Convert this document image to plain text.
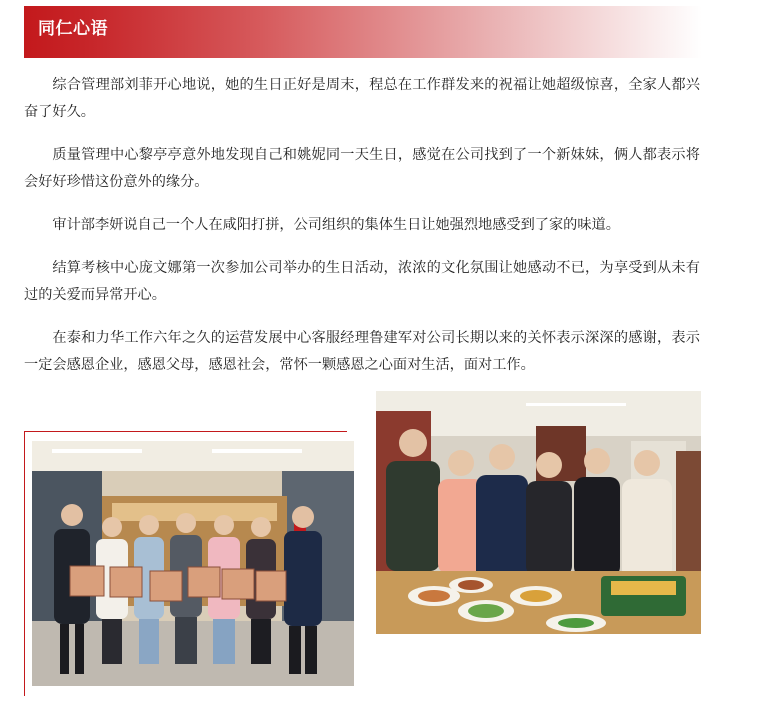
同仁心语

综合管理部刘菲开心地说，她的生日正好是周末，程总在工作群发来的祝福让她超级惊喜，全家人都兴奋了好久。

质量管理中心黎亭亭意外地发现自己和姚妮同一天生日，感觉在公司找到了一个新妹妹，俩人都表示将会好好珍惜这份意外的缘分。

审计部李妍说自己一个人在咸阳打拼，公司组织的集体生日让她强烈地感受到了家的味道。

结算考核中心庞文娜第一次参加公司举办的生日活动，浓浓的文化氛围让她感动不已，为享受到从未有过的关爱而异常开心。

在泰和力华工作六年之久的运营发展中心客服经理鲁建军对公司长期以来的关怀表示深深的感谢，表示一定会感恩企业，感恩父母，感恩社会，常怀一颗感恩之心面对生活，面对工作。
